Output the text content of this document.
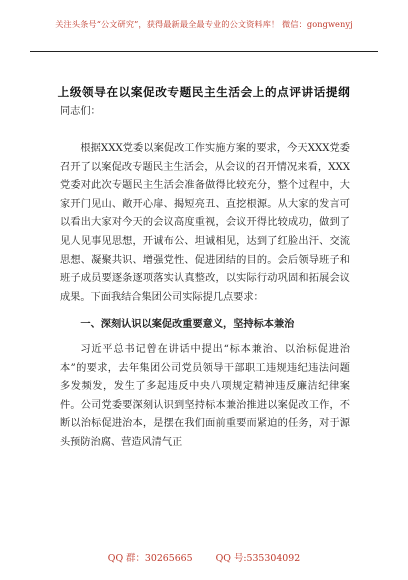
关注头条号“公文研究”，获得最新最全最专业的公文资料库！ 微信：gongwenyj
上级领导在以案促改专题民主生活会上的点评讲话提纲

同志们：

根据XXX党委以案促改工作实施方案的要求，今天XXX党委召开了以案促改专题民主生活会，从会议的召开情况来看，XXX党委对此次专题民主生活会准备做得比较充分，整个过程中，大家开门见山、敞开心扉、揭短亮丑、直挖根源。从大家的发言可以看出大家对今天的会议高度重视，会议开得比较成功，做到了见人见事见思想，开诚布公、坦诚相见，达到了红脸出汗、交流思想、凝聚共识、增强党性、促进团结的目的。会后领导班子和班子成员要逐条逐项落实认真整改，以实际行动巩固和拓展会议成果。下面我结合集团公司实际提几点要求：

一、深刻认识以案促改重要意义，坚持标本兼治

习近平总书记曾在讲话中提出“标本兼治、以治标促进治本”的要求，去年集团公司党员领导干部职工违规违纪违法问题多发频发，发生了多起违反中央八项规定精神违反廉洁纪律案件。公司党委要深刻认识到坚持标本兼治推进以案促改工作，不断以治标促进治本，是摆在我们面前重要而紧迫的任务，对于源头预防治腐、营造风清气正

QQ 群：30265665 QQ 号:535304092
